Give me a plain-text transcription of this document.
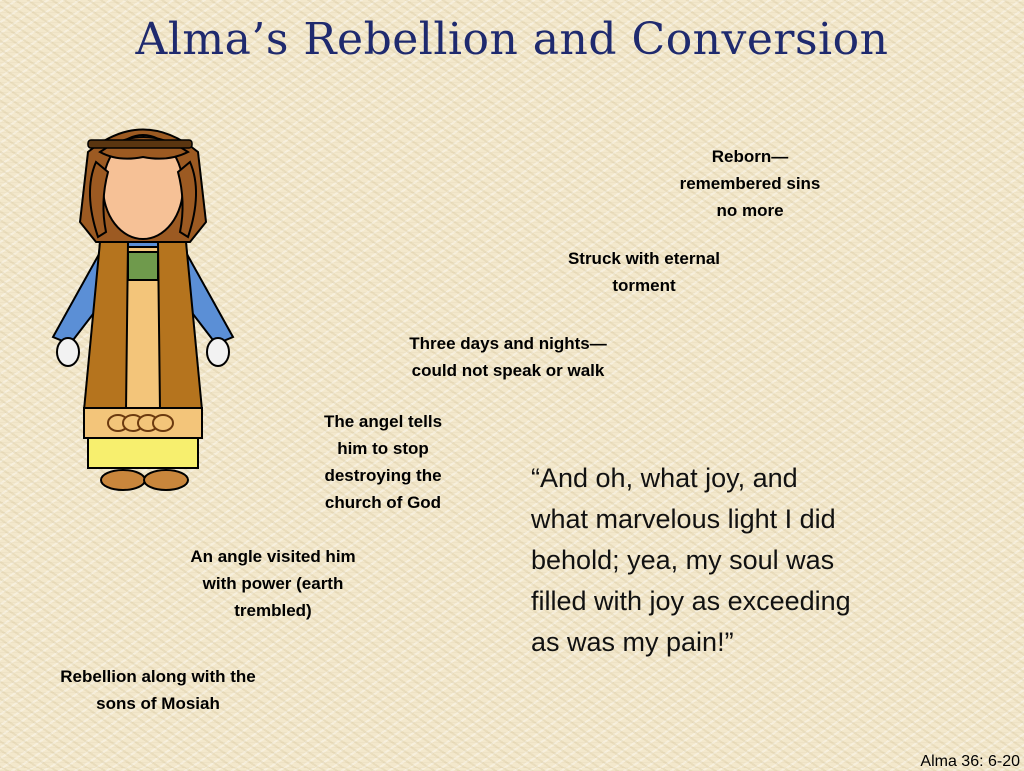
Alma’s Rebellion and Conversion
Reborn—
remembered sins
no more
Struck with eternal
torment
Three days and nights—
could not speak or walk
The angel tells
him to stop
destroying the
church of God
An angle visited him
with power (earth
trembled)
Rebellion along with the
sons of Mosiah
“And oh, what joy, and
what marvelous light I did
behold; yea, my soul was
filled with joy as exceeding
as was my pain!”
Alma 36: 6-20
